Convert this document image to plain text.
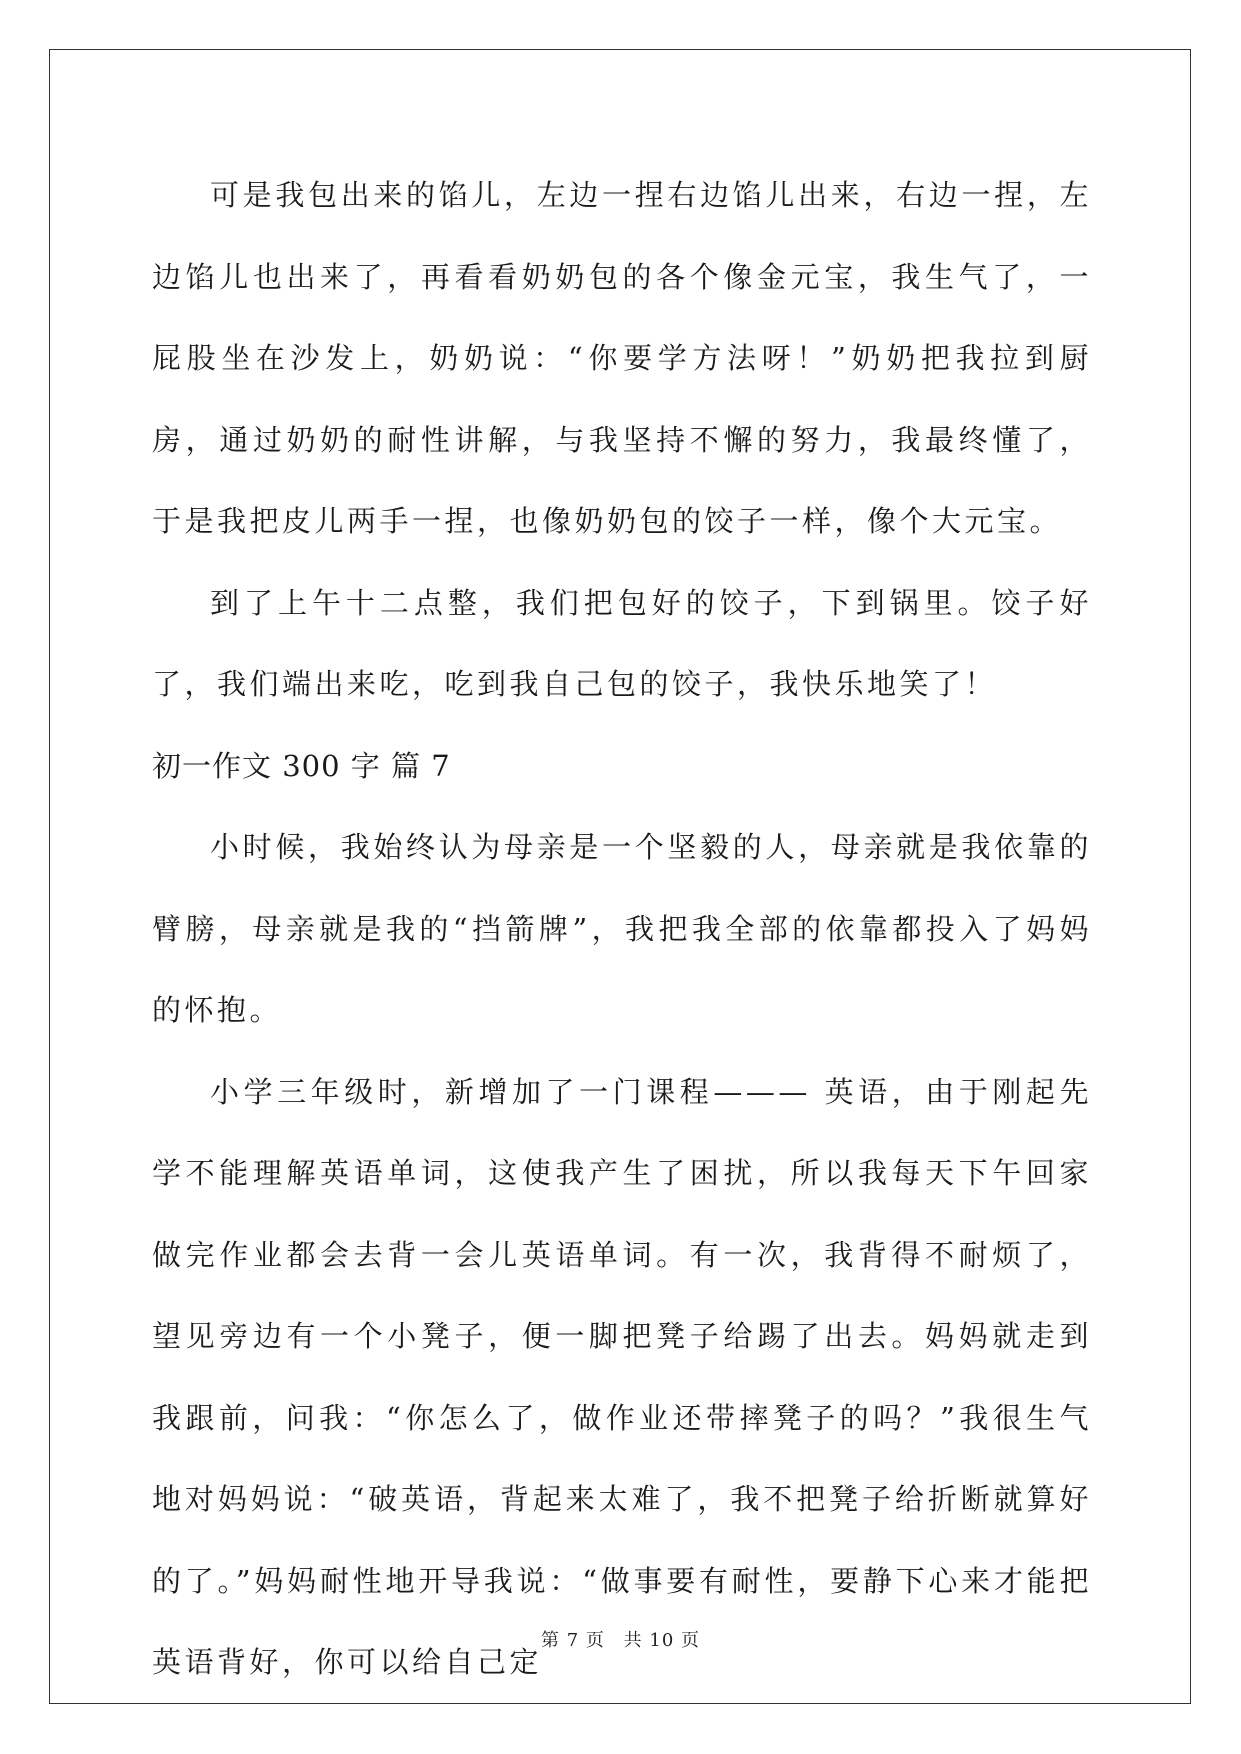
可是我包出来的馅儿，左边一捏右边馅儿出来，右边一捏，左边馅儿也出来了，再看看奶奶包的各个像金元宝，我生气了，一屁股坐在沙发上，奶奶说：“你要学方法呀！”奶奶把我拉到厨房，通过奶奶的耐性讲解，与我坚持不懈的努力，我最终懂了，于是我把皮儿两手一捏，也像奶奶包的饺子一样，像个大元宝。

到了上午十二点整，我们把包好的饺子，下到锅里。饺子好了，我们端出来吃，吃到我自己包的饺子，我快乐地笑了！

初一作文 300 字 篇 7

小时候，我始终认为母亲是一个坚毅的人，母亲就是我依靠的臂膀，母亲就是我的“挡箭牌”，我把我全部的依靠都投入了妈妈的怀抱。

小学三年级时，新增加了一门课程——— 英语，由于刚起先学不能理解英语单词，这使我产生了困扰，所以我每天下午回家做完作业都会去背一会儿英语单词。有一次，我背得不耐烦了，望见旁边有一个小凳子，便一脚把凳子给踢了出去。妈妈就走到我跟前，问我：“你怎么了，做作业还带摔凳子的吗？”我很生气地对妈妈说：“破英语，背起来太难了，我不把凳子给折断就算好的了。”妈妈耐性地开导我说：“做事要有耐性，要静下心来才能把英语背好，你可以给自己定

第 7 页 共 10 页
